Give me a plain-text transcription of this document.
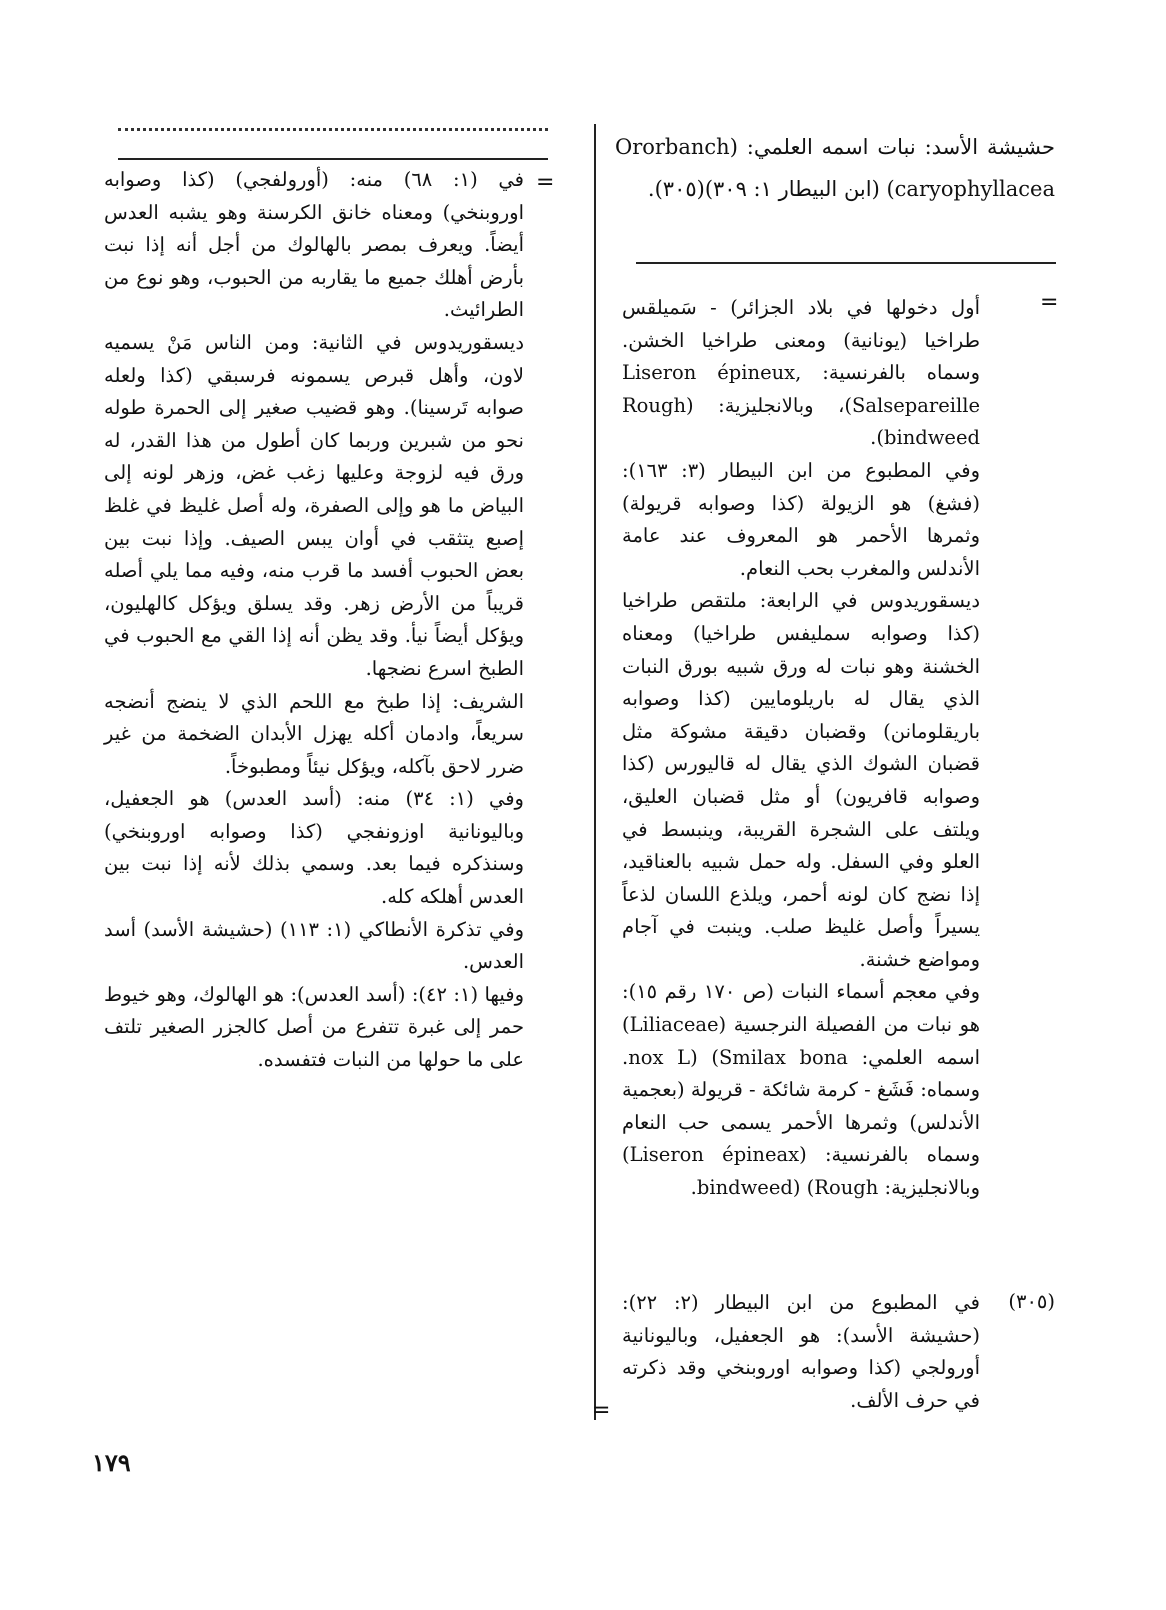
حشيشة الأسد: نبات اسمه العلمي: (Ororbanch caryophyllacea) (ابن البيطار ١: ٣٠٩)(٣٠٥).

أول دخولها في بلاد الجزائر) - سَميلقس طراخيا (يونانية) ومعنى طراخيا الخشن. وسماه بالفرنسية: Liseron épineux, Salsepareille)، وبالانجليزية: Rough) (bindweed.

وفي المطبوع من ابن البيطار (٣: ١٦٣): (فشغ) هو الزيولة (كذا وصوابه قريولة) وثمرها الأحمر هو المعروف عند عامة الأندلس والمغرب بحب النعام.

ديسقوريدوس في الرابعة: ملتقص طراخيا (كذا وصوابه سمليفس طراخيا) ومعناه الخشنة وهو نبات له ورق شبيه بورق النبات الذي يقال له باريلومايين (كذا وصوابه باريقلومانن) وقضبان دقيقة مشوكة مثل قضبان الشوك الذي يقال له قاليورس (كذا وصوابه قافريون) أو مثل قضبان العليق، ويلتف على الشجرة القريبة، وينبسط في العلو وفي السفل. وله حمل شبيه بالعناقيد، إذا نضج كان لونه أحمر، ويلذع اللسان لذعاً يسيراً وأصل غليظ صلب. وينبت في آجام ومواضع خشنة.

وفي معجم أسماء النبات (ص ١٧٠ رقم ١٥): هو نبات من الفصيلة النرجسية (Liliaceae) اسمه العلمي: Smilax bona) (nox L. وسماه: فَشَغ - كرمة شائكة - قريولة (بعجمية الأندلس) وثمرها الأحمر يسمى حب النعام وسماه بالفرنسية: (Liseron épineax) وبالانجليزية: Rough) (bindweed.

(٣٠٥)
في المطبوع من ابن البيطار (٢: ٢٢): (حشيشة الأسد): هو الجعفيل، وباليونانية أورولجي (كذا وصوابه اوروبنخي وقد ذكرته في حرف الألف.

في (١: ٦٨) منه: (أورولفجي) (كذا وصوابه اوروبنخي) ومعناه خانق الكرسنة وهو يشبه العدس أيضاً. ويعرف بمصر بالهالوك من أجل أنه إذا نبت بأرض أهلك جميع ما يقاربه من الحبوب، وهو نوع من الطرائيث.

ديسقوريدوس في الثانية: ومن الناس مَنْ يسميه لاون، وأهل قبرص يسمونه فرسبقي (كذا ولعله صوابه تَرسينا). وهو قضيب صغير إلى الحمرة طوله نحو من شبرين وربما كان أطول من هذا القدر، له ورق فيه لزوجة وعليها زغب غض، وزهر لونه إلى البياض ما هو وإلى الصفرة، وله أصل غليظ في غلظ إصبع يتثقب في أوان يبس الصيف. وإذا نبت بين بعض الحبوب أفسد ما قرب منه، وفيه مما يلي أصله قريباً من الأرض زهر. وقد يسلق ويؤكل كالهليون، ويؤكل أيضاً نيأ. وقد يظن أنه إذا القي مع الحبوب في الطبخ اسرع نضجها.

الشريف: إذا طبخ مع اللحم الذي لا ينضج أنضجه سريعاً، وادمان أكله يهزل الأبدان الضخمة من غير ضرر لاحق بآكله، ويؤكل نيئاً ومطبوخاً.

وفي (١: ٣٤) منه: (أسد العدس) هو الجعفيل، وباليونانية اوزونفجي (كذا وصوابه اوروبنخي) وسنذكره فيما بعد. وسمي بذلك لأنه إذا نبت بين العدس أهلكه كله.

وفي تذكرة الأنطاكي (١: ١١٣) (حشيشة الأسد) أسد العدس.

وفيها (١: ٤٢): (أسد العدس): هو الهالوك، وهو خيوط حمر إلى غبرة تتفرع من أصل كالجزر الصغير تلتف على ما حولها من النبات فتفسده.

=
=
=
١٧٩
